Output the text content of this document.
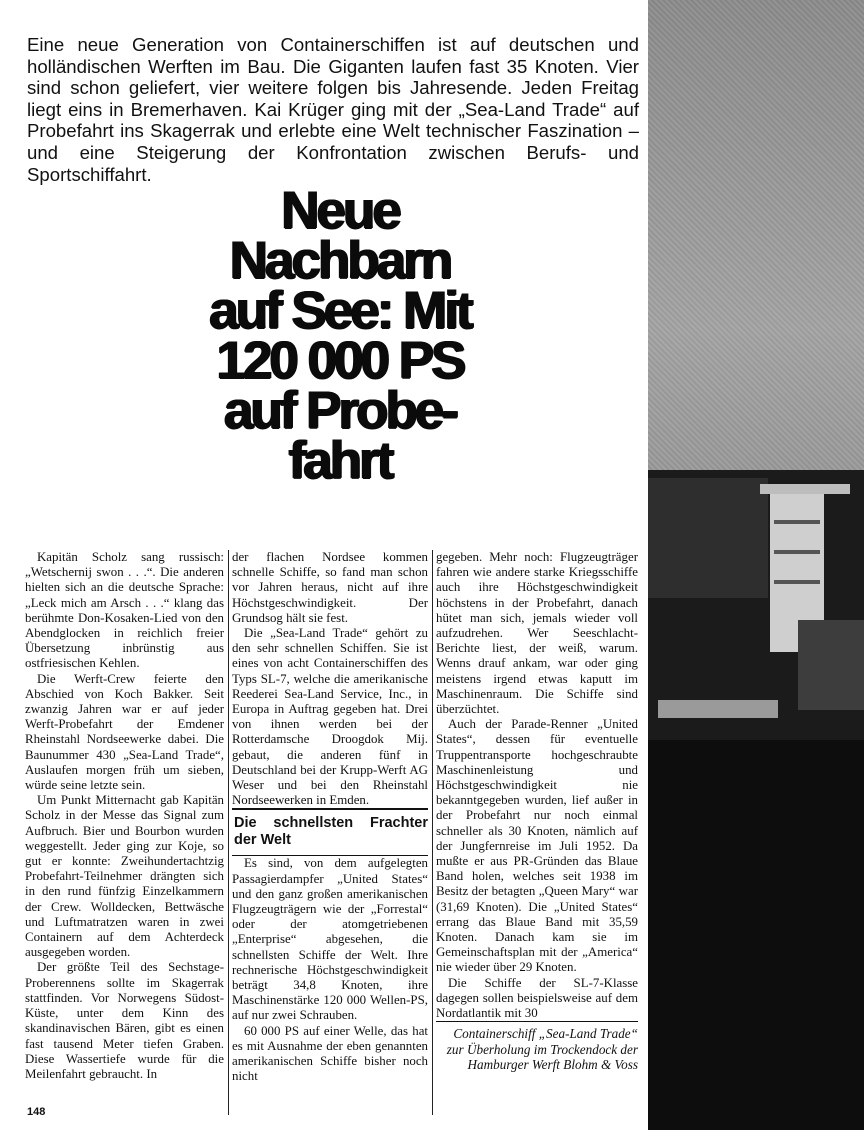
Eine neue Generation von Containerschiffen ist auf deutschen und holländischen Werften im Bau. Die Giganten laufen fast 35 Knoten. Vier sind schon geliefert, vier weitere folgen bis Jahresende. Jeden Freitag liegt eins in Bremerhaven. Kai Krüger ging mit der „Sea-Land Trade“ auf Probefahrt ins Skagerrak und erlebte eine Welt technischer Faszination – und eine Steigerung der Konfrontation zwischen Berufs- und Sportschiffahrt.

Neue
Nachbarn
auf See: Mit
120 000 PS
auf Probe-
fahrt

Kapitän Scholz sang russisch: „Wetschernij swon . . .“. Die anderen hielten sich an die deutsche Sprache: „Leck mich am Arsch . . .“ klang das berühmte Don-Kosaken-Lied von den Abendglocken in reichlich freier Übersetzung inbrünstig aus ostfriesischen Kehlen.

Die Werft-Crew feierte den Abschied von Koch Bakker. Seit zwanzig Jahren war er auf jeder Werft-Probefahrt der Emdener Rheinstahl Nordseewerke dabei. Die Baunummer 430 „Sea-Land Trade“, Auslaufen morgen früh um sieben, würde seine letzte sein.

Um Punkt Mitternacht gab Kapitän Scholz in der Messe das Signal zum Aufbruch. Bier und Bourbon wurden weggestellt. Jeder ging zur Koje, so gut er konnte: Zweihundertachtzig Probefahrt-Teilnehmer drängten sich in den rund fünfzig Einzelkammern der Crew. Wolldecken, Bettwäsche und Luftmatratzen waren in zwei Containern auf dem Achterdeck ausgegeben worden.

Der größte Teil des Sechstage-Proberennens sollte im Skagerrak stattfinden. Vor Norwegens Südost-Küste, unter dem Kinn des skandinavischen Bären, gibt es einen fast tausend Meter tiefen Graben. Diese Wassertiefe wurde für die Meilenfahrt gebraucht. In

der flachen Nordsee kommen schnelle Schiffe, so fand man schon vor Jahren heraus, nicht auf ihre Höchstgeschwindigkeit. Der Grundsog hält sie fest.

Die „Sea-Land Trade“ gehört zu den sehr schnellen Schiffen. Sie ist eines von acht Containerschiffen des Typs SL-7, welche die amerikanische Reederei Sea-Land Service, Inc., in Europa in Auftrag gegeben hat. Drei von ihnen werden bei der Rotterdamsche Droogdok Mij. gebaut, die anderen fünf in Deutschland bei der Krupp-Werft AG Weser und bei den Rheinstahl Nordseewerken in Emden.

Die schnellsten Frachter der Welt

Es sind, von dem aufgelegten Passagierdampfer „United States“ und den ganz großen amerikanischen Flugzeugträgern wie der „Forrestal“ oder der atomgetriebenen „Enterprise“ abgesehen, die schnellsten Schiffe der Welt. Ihre rechnerische Höchstgeschwindigkeit beträgt 34,8 Knoten, ihre Maschinenstärke 120 000 Wellen-PS, auf nur zwei Schrauben.

60 000 PS auf einer Welle, das hat es mit Ausnahme der eben genannten amerikanischen Schiffe bisher noch nicht

gegeben. Mehr noch: Flugzeugträger fahren wie andere starke Kriegsschiffe auch ihre Höchstgeschwindigkeit höchstens in der Probefahrt, danach hütet man sich, jemals wieder voll aufzudrehen. Wer Seeschlacht-Berichte liest, der weiß, warum. Wenns drauf ankam, war oder ging meistens irgend etwas kaputt im Maschinenraum. Die Schiffe sind überzüchtet.

Auch der Parade-Renner „United States“, dessen für eventuelle Truppentransporte hochgeschraubte Maschinenleistung und Höchstgeschwindigkeit nie bekanntgegeben wurden, lief außer in der Probefahrt nur noch einmal schneller als 30 Knoten, nämlich auf der Jungfernreise im Juli 1952. Da mußte er aus PR-Gründen das Blaue Band holen, welches seit 1938 im Besitz der betagten „Queen Mary“ war (31,69 Knoten). Die „United States“ errang das Blaue Band mit 35,59 Knoten. Danach kam sie im Gemeinschaftsplan mit der „America“ nie wieder über 29 Knoten.

Die Schiffe der SL-7-Klasse dagegen sollen beispielsweise auf dem Nordatlantik mit 30

Containerschiff „Sea-Land Trade“ zur Überholung im Trockendock der Hamburger Werft Blohm & Voss

148
